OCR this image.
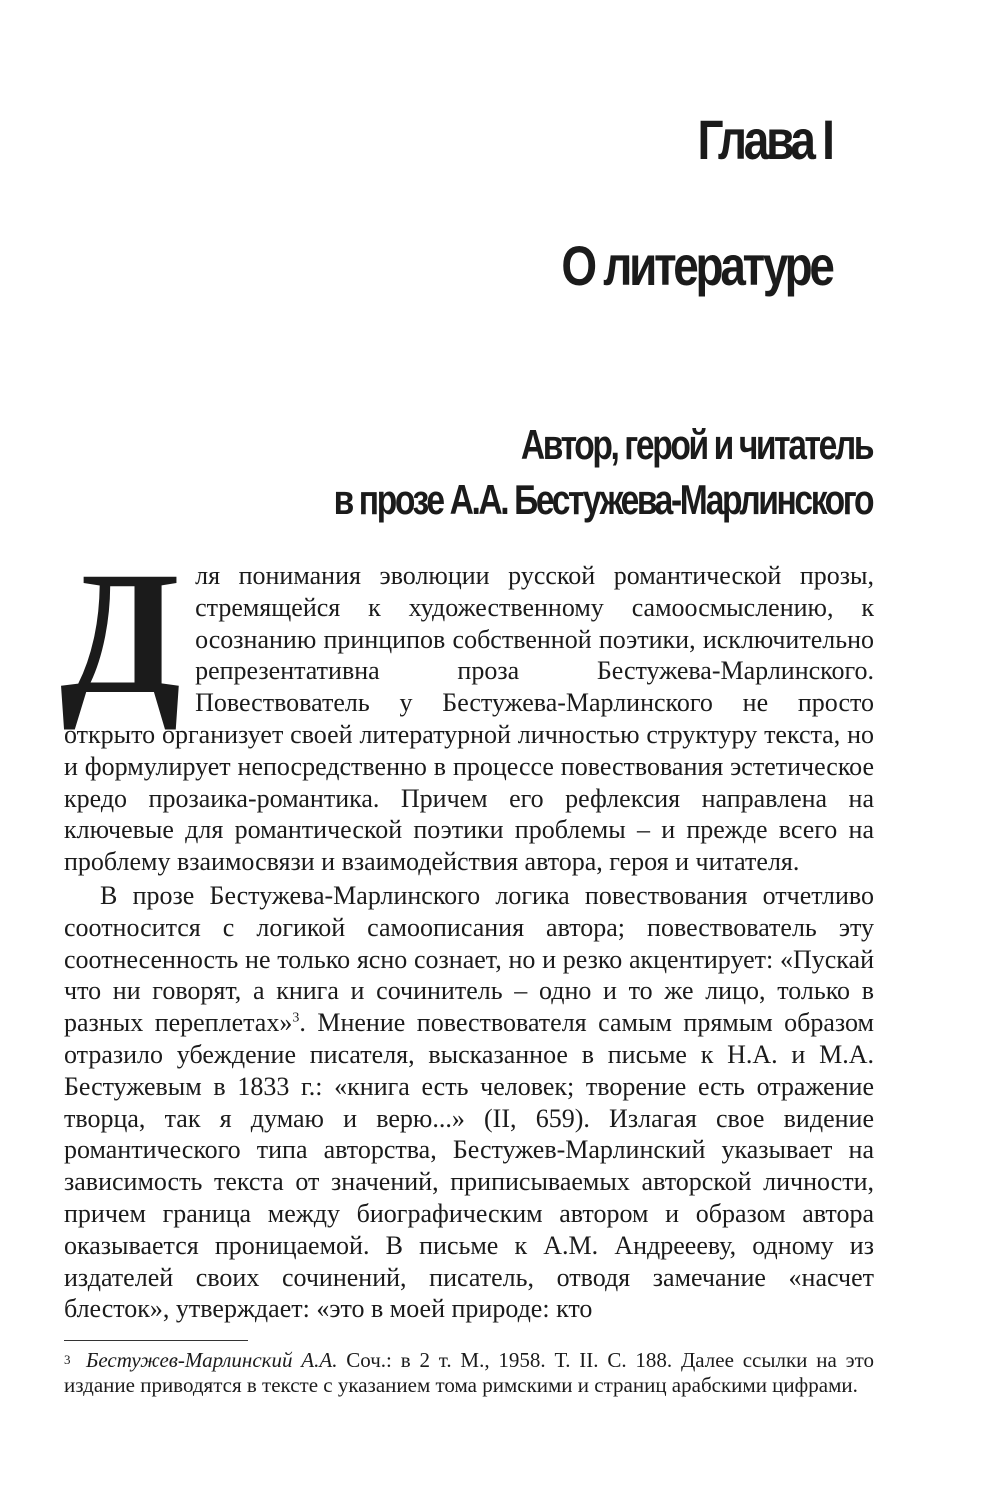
Глава I
О литературе
Автор, герой и читатель
в прозе А.А. Бестужева-Марлинского

Для понимания эволюции русской романтической прозы, стремящейся к художественному самоосмыслению, к осознанию принципов собственной поэтики, исключительно репрезентативна проза Бестужева-Марлинского. Повествователь у Бестужева-Марлинского не просто открыто организует своей литературной личностью структуру текста, но и формулирует непосредственно в процессе повествования эстетическое кредо прозаика-романтика. Причем его рефлексия направлена на ключевые для романтической поэтики проблемы – и прежде всего на проблему взаимосвязи и взаимодействия автора, героя и читателя.

В прозе Бестужева-Марлинского логика повествования отчетливо соотносится с логикой самоописания автора; повествователь эту соотнесенность не только ясно сознает, но и резко акцентирует: «Пускай что ни говорят, а книга и сочинитель – одно и то же лицо, только в разных переплетах»$^3$. Мнение повествователя самым прямым образом отразило убеждение писателя, высказанное в письме к Н.А. и М.А. Бестужевым в 1833 г.: «книга есть человек; творение есть отражение творца, так я думаю и верю...» (II, 659). Излагая свое видение романтического типа авторства, Бестужев-Марлинский указывает на зависимость текста от значений, приписываемых авторской личности, причем граница между биографическим автором и образом автора оказывается проницаемой. В письме к А.М. Андреееву, одному из издателей своих сочинений, писатель, отводя замечание «насчет блесток», утверждает: «это в моей природе: кто

3 Бестужев-Марлинский А.А. Соч.: в 2 т. М., 1958. Т. II. С. 188. Далее ссылки на это издание приводятся в тексте с указанием тома римскими и страниц арабскими цифрами.
